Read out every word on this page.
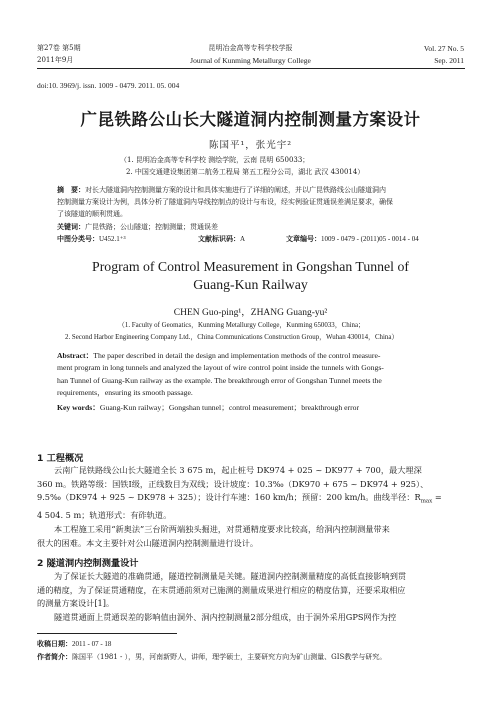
第27卷 第5期
2011年9月
昆明冶金高等专科学校学报
Journal of Kunming Metallurgy College
Vol. 27 No. 5
Sep. 2011
doi:10. 3969/j. issn. 1009 - 0479. 2011. 05. 004
广昆铁路公山长大隧道洞内控制测量方案设计
陈国平¹，张光宇²
（1. 昆明冶金高等专科学校 测绘学院，云南 昆明 650033；
2. 中国交通建设集团第二航务工程局 第五工程分公司，湖北 武汉 430014）
摘　要：对长大隧道洞内控制测量方案的设计和具体实施进行了详细的阐述，并以广昆铁路线公山隧道洞内
控制测量方案设计为例，具体分析了隧道洞内导线控制点的设计与布设，经实例验证贯通误差满足要求，确保
了该隧道的顺利贯通。
关键词：广昆铁路；公山隧道；控制测量；贯通误差
中图分类号：U452.1⁺³	文献标识码：A	文章编号：1009 - 0479 - (2011)05 - 0014 - 04
Program of Control Measurement in Gongshan Tunnel of
Guang-Kun Railway
CHEN Guo-ping¹，ZHANG Guang-yu²
（1. Faculty of Geomatics，Kunming Metallurgy College，Kunming 650033，China；
2. Second Harbor Engineering Company Ltd.，China Communications Construction Group，Wuhan 430014，China）
Abstract：The paper described in detail the design and implementation methods of the control measure-
ment program in long tunnels and analyzed the layout of wire control point inside the tunnels with Gongs-
han Tunnel of Guang-Kun railway as the example. The breakthrough error of Gongshan Tunnel meets the
requirements，ensuring its smooth passage.
Key words：Guang-Kun railway；Gongshan tunnel；control measurement；breakthrough error
1 工程概况
云南广昆铁路线公山长大隧道全长 3 675 m，起止桩号 DK974 + 025 ~ DK977 + 700，最大埋深
360 m。铁路等级：国铁Ⅰ级，正线数目为双线；设计坡度：10.3‰（DK970 + 675 ~ DK974 + 925）、
9.5‰（DK974 + 925 ~ DK978 + 325）；设计行车速：160 km/h；预留：200 km/h。曲线半径：$R_{max}$ =
4 504. 5 m；轨道形式：有砟轨道。
本工程施工采用“新奥法”三台阶两端独头掘进，对贯通精度要求比较高，给洞内控制测量带来
很大的困难。本文主要针对公山隧道洞内控制测量进行设计。
2 隧道洞内控制测量设计
为了保证长大隧道的准确贯通，隧道控制测量是关键。隧道洞内控制测量精度的高低直接影响到贯
通的精度，为了保证贯通精度，在末贯通前须对已施测的测量成果进行相应的精度估算，还要采取相应
的测量方案设计[1]。
隧道贯通面上贯通误差的影响值由洞外、洞内控制测量2部分组成，由于洞外采用GPS网作为控
收稿日期：2011 - 07 - 18
作者简介：陈国平（1981 - ），男，河南新野人，讲师，理学硕士，主要研究方向为矿山测量、GIS教学与研究。
